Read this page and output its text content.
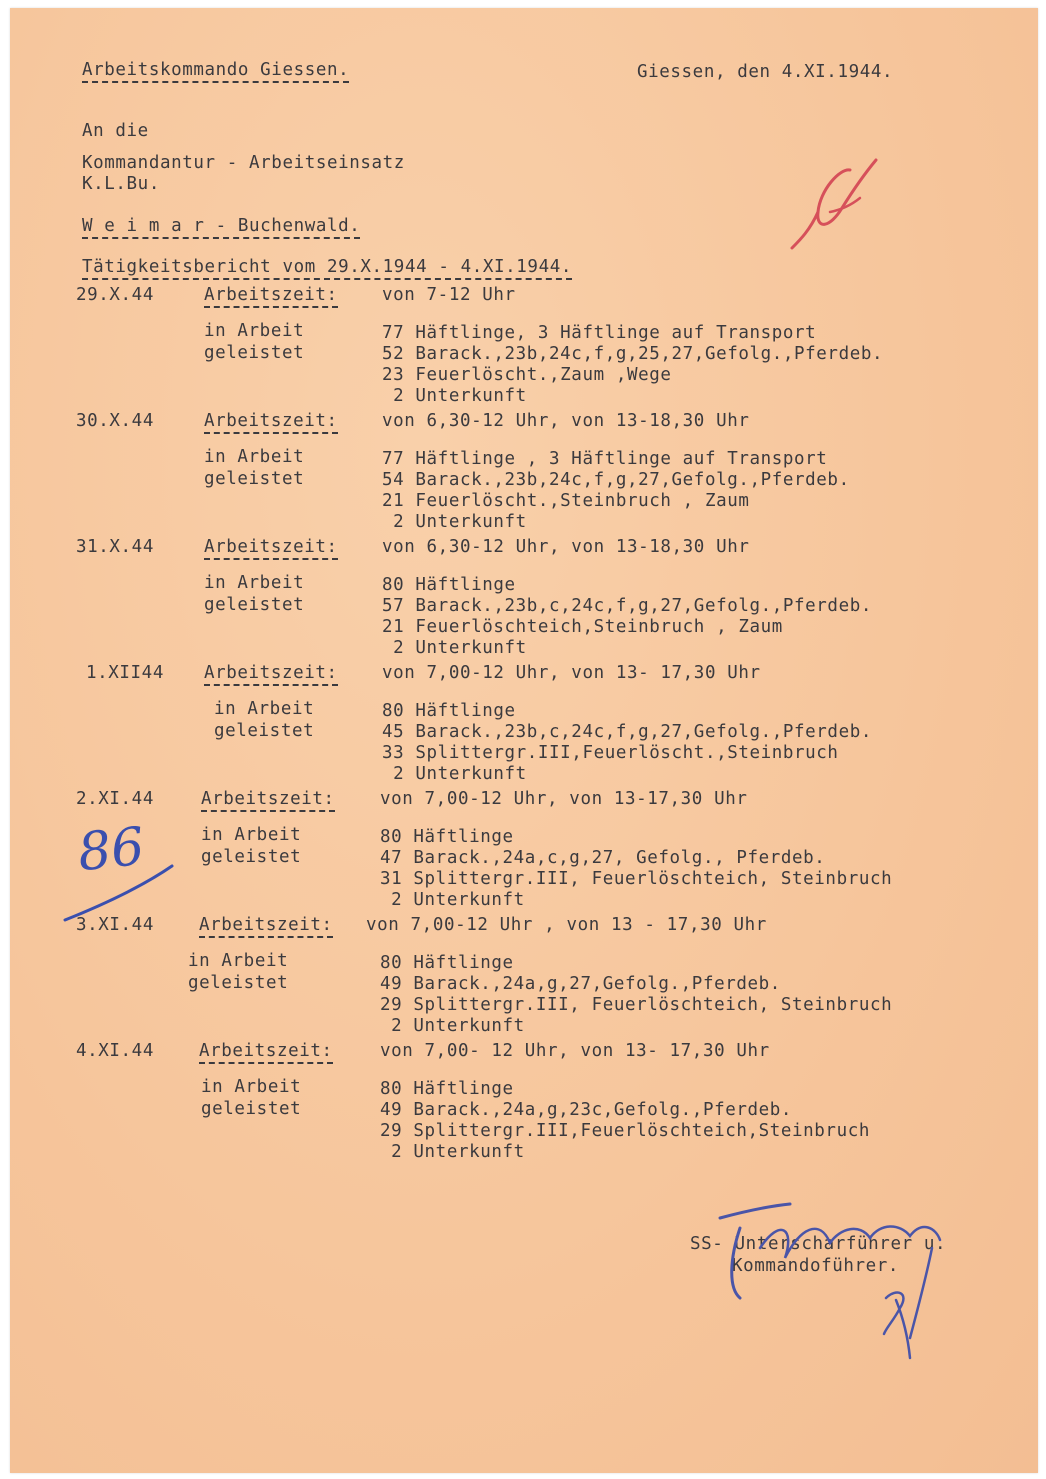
Arbeitskommando Giessen.	Giessen, den 4.XI.1944.
An die
Kommandantur - Arbeitseinsatz
K.L.Bu.
W e i m a r - Buchenwald.
Tätigkeitsbericht vom 29.X.1944 - 4.XI.1944.
29.X.44	Arbeitszeit:	von 7-12 Uhr
in Arbeit
geleistet
77 Häftlinge, 3 Häftlinge auf Transport
52 Barack.,23b,24c,f,g,25,27,Gefolg.,Pferdeb.
23 Feuerlöscht.,Zaum ,Wege
2 Unterkunft
30.X.44	Arbeitszeit:	von 6,30-12 Uhr, von 13-18,30 Uhr
in Arbeit
geleistet
77 Häftlinge , 3 Häftlinge auf Transport
54 Barack.,23b,24c,f,g,27,Gefolg.,Pferdeb.
21 Feuerlöscht.,Steinbruch , Zaum
2 Unterkunft
31.X.44	Arbeitszeit:	von 6,30-12 Uhr, von 13-18,30 Uhr
in Arbeit
geleistet
80 Häftlinge
57 Barack.,23b,c,24c,f,g,27,Gefolg.,Pferdeb.
21 Feuerlöschteich,Steinbruch , Zaum
2 Unterkunft
1.XII44 Arbeitszeit:	von 7,00-12 Uhr, von 13- 17,30 Uhr
in Arbeit
geleistet
80 Häftlinge
45 Barack.,23b,c,24c,f,g,27,Gefolg.,Pferdeb.
33 Splittergr.III,Feuerlöscht.,Steinbruch
2 Unterkunft
2.XI.44	Arbeitszeit:	von 7,00-12 Uhr, von 13-17,30 Uhr
in Arbeit
geleistet
80 Häftlinge
47 Barack.,24a,c,g,27, Gefolg., Pferdeb.
31 Splittergr.III, Feuerlöschteich, Steinbruch
2 Unterkunft
3.XI.44	Arbeitszeit: von 7,00-12 Uhr , von 13 - 17,30 Uhr
in Arbeit
geleistet
80 Häftlinge
49 Barack.,24a,g,27,Gefolg.,Pferdeb.
29 Splittergr.III, Feuerlöschteich, Steinbruch
2 Unterkunft
4.XI.44	Arbeitszeit:	von 7,00- 12 Uhr, von 13- 17,30 Uhr
in Arbeit
geleistet
80 Häftlinge
49 Barack.,24a,g,23c,Gefolg.,Pferdeb.
29 Splittergr.III,Feuerlöschteich,Steinbruch
2 Unterkunft
SS- Unterscharführer u.
Kommandoführer.
86
